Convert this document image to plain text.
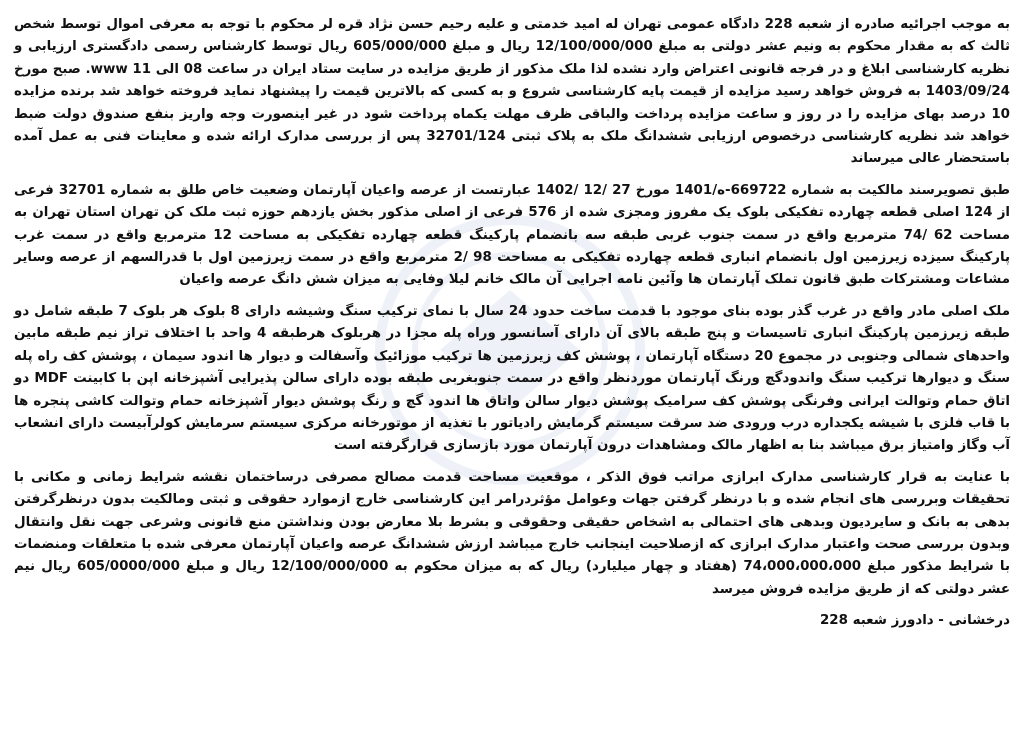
به موجب اجرائیه صادره از شعبه 228 دادگاه عمومی تهران له امید خدمتی و علیه رحیم حسن نژاد قره لر محکوم با توجه به معرفی اموال توسط شخص ثالث که به مقدار محکوم به ونیم عشر دولتی به مبلغ 12/100/000/000 ریال و مبلغ 605/000/000 ریال توسط کارشناس رسمی دادگستری ارزیابی و نظریه کارشناسی ابلاغ و در فرجه قانونی اعتراض وارد نشده لذا ملک مذکور از طریق مزایده در سایت ستاد ایران در ساعت 08 الی 11 www. صبح مورخ 1403/09/24 به فروش خواهد رسید مزایده از قیمت پایه کارشناسی شروع و به کسی که بالاترین قیمت را پیشنهاد نماید فروخته خواهد شد برنده مزایده 10 درصد بهای مزایده را در روز و ساعت مزایده پرداخت والباقی ظرف مهلت یکماه پرداخت شود در غیر اینصورت وجه واریز بنفع صندوق دولت ضبط خواهد شد نظریه کارشناسی درخصوص ارزیابی ششدانگ ملک به پلاک ثبتی 32701/124 پس از بررسی مدارک ارائه شده و معاینات فنی به عمل آمده باستحضار عالی میرساند

طبق تصویرسند مالکیت به شماره 669722-ه/1401 مورخ 27 /12 /1402 عبارتست از عرصه واعیان آپارتمان وضعیت خاص طلق به شماره 32701 فرعی از 124 اصلی قطعه چهارده تفکیکی بلوک یک مفروز ومجزی شده از 576 فرعی از اصلی مذکور بخش یازدهم حوزه ثبت ملک کن تهران استان تهران به مساحت 62 /74 مترمربع واقع در سمت جنوب غربی طبقه سه بانضمام پارکینگ قطعه چهارده تفکیکی به مساحت 12 مترمربع واقع در سمت غرب پارکینگ سیزده زیرزمین اول بانضمام انباری قطعه چهارده تفکیکی به مساحت 98 /2 مترمربع واقع در سمت زیرزمین اول با قدرالسهم از عرصه وسایر مشاعات ومشترکات طبق قانون تملک آپارتمان ها وآئین نامه اجرایی آن مالک خانم لیلا وفایی به میزان شش دانگ عرصه واعیان

ملک اصلی مادر واقع در غرب گذر بوده بنای موجود با قدمت ساخت حدود 24 سال با نمای ترکیب سنگ وشیشه دارای 8 بلوک هر بلوک 7 طبقه شامل دو طبقه زیرزمین پارکینگ انباری تاسیسات و پنج طبقه بالای آن دارای آسانسور وراه پله مجزا در هربلوک هرطبقه 4 واحد با اختلاف تراز نیم طبقه مابین واحدهای شمالی وجنوبی در مجموع 20 دستگاه آپارتمان ، پوشش کف زیرزمین ها ترکیب موزائیک وآسفالت و دیوار ها اندود سیمان ، پوشش کف راه پله سنگ و دیوارها ترکیب سنگ واندودگچ ورنگ آپارتمان موردنظر واقع در سمت جنوبغربی طبقه بوده دارای سالن پذیرایی آشپزخانه اپن با کابینت MDF دو اتاق حمام وتوالت ایرانی وفرنگی پوشش کف سرامیک پوشش دیوار سالن واتاق ها اندود گچ و رنگ پوشش دیوار آشپزخانه حمام وتوالت کاشی پنجره ها با قاب فلزی با شیشه یکجداره درب ورودی ضد سرقت سیستم گرمایش رادیاتور با تغذیه از موتورخانه مرکزی سیستم سرمایش کولرآبیست دارای انشعاب آب وگاز وامتیاز برق میباشد بنا به اظهار مالک ومشاهدات درون آپارتمان مورد بازسازی قرارگرفته است

با عنایت به قرار کارشناسی مدارک ابرازی مراتب فوق الذکر ، موقعیت مساحت قدمت مصالح مصرفی درساختمان نقشه شرایط زمانی و مکانی با تحقیقات وبررسی های انجام شده و با درنظر گرفتن جهات وعوامل مؤثردرامر این کارشناسی خارج ازموارد حقوقی و ثبتی ومالکیت بدون درنظرگرفتن بدهی به بانک و سایردیون وبدهی های احتمالی به اشخاص حقیقی وحقوقی و بشرط بلا معارض بودن ونداشتن منع قانونی وشرعی جهت نقل وانتقال وبدون بررسی صحت واعتبار مدارک ابرازی که ازصلاحیت اینجانب خارج میباشد ارزش ششدانگ عرصه واعیان آپارتمان معرفی شده با متعلقات ومنضمات با شرایط مذکور مبلغ 74،000،000،000 (هفتاد و چهار میلیارد) ریال که به میزان محکوم به 12/100/000/000 ریال و مبلغ 605/0000/000 ریال نیم عشر دولتی که از طریق مزایده فروش میرسد

درخشانی - دادورز شعبه 228
